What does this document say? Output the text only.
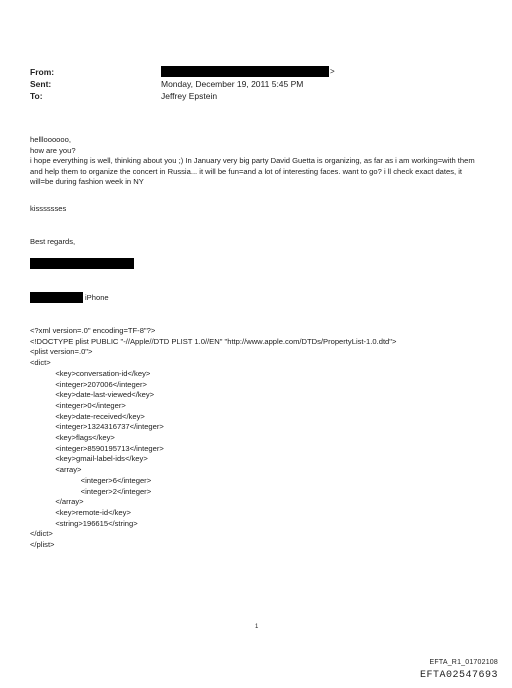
From:	>
Sent:	Monday, December 19, 2011 5:45 PM
To:	Jeffrey Epstein
hellloooooo,
how are you?
i hope everything is well, thinking about you ;) In January very big party David Guetta is organizing, as far as i am working=with them and help them to organize the concert in Russia... it will be fun=and a lot of interesting faces. want to go? i ll check exact dates, it will=be during fashion week in NY
kisssssses
Best regards,
iPhone
<?xml version=.0" encoding=TF-8"?>
<!DOCTYPE plist PUBLIC "-//Apple//DTD PLIST 1.0//EN" "http://www.apple.com/DTDs/PropertyList-1.0.dtd">
<plist version=.0">
<dict>
<key>conversation-id</key>
<integer>207006</integer>
<key>date-last-viewed</key>
<integer>0</integer>
<key>date-received</key>
<integer>1324316737</integer>
<key>flags</key>
<integer>8590195713</integer>
<key>gmail-label-ids</key>
<array>
<integer>6</integer>
<integer>2</integer>
</array>
<key>remote-id</key>
<string>196615</string>
</dict>
</plist>
1
EFTA_R1_01702108
EFTA02547693
